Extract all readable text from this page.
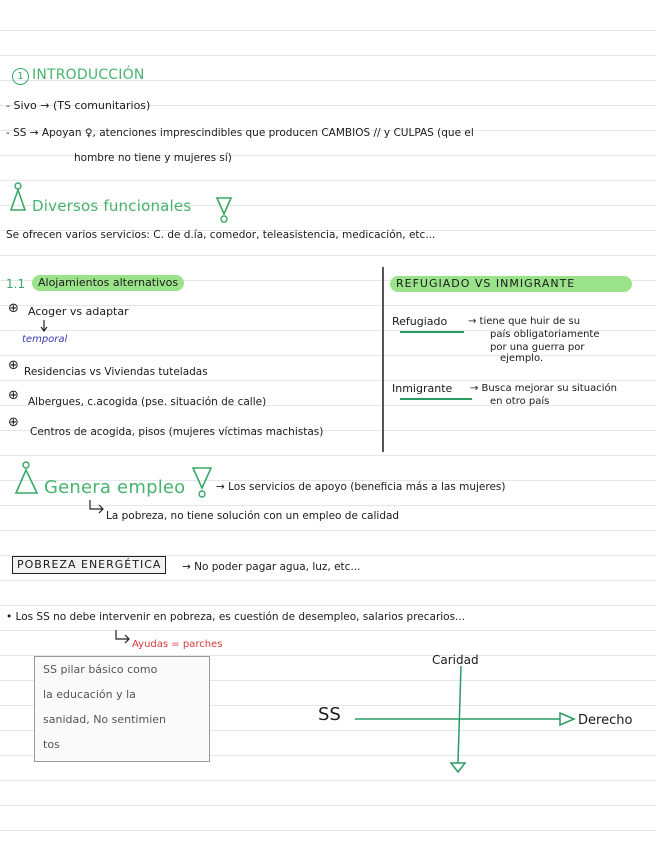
1 INTRODUCCIÓN
- Sivo → (TS comunitarios)
- SS → Apoyan ♀, atenciones imprescindibles que producen CAMBIOS // y CULPAS (que el
hombre no tiene y mujeres sí)
Diversos funcionales
Se ofrecen varios servicios: C. de d.ía, comedor, teleasistencia, medicación, etc...
1.1	Alojamientos alternativos
⊕ Acoger vs adaptar
temporal
⊕ Residencias vs Viviendas tuteladas
⊕ Albergues, c.acogida (pse. situación de calle)
⊕
Centros de acogida, pisos (mujeres víctimas machistas)
REFUGIADO VS INMIGRANTE
Refugiado → tiene que huir de su
país obligatoriamente
por una guerra por
ejemplo.
Inmigrante → Busca mejorar su situación
en otro país
Genera empleo	→ Los servicios de apoyo (beneficia más a las mujeres)
La pobreza, no tiene solución con un empleo de calidad
POBREZA ENERGÉTICA	→ No poder pagar agua, luz, etc...
• Los SS no debe intervenir en pobreza, es cuestión de desempleo, salarios precarios...
Ayudas = parches
SS pilar básico como
la educación y la
sanidad, No sentimien
tos
SS
Caridad
Derecho
